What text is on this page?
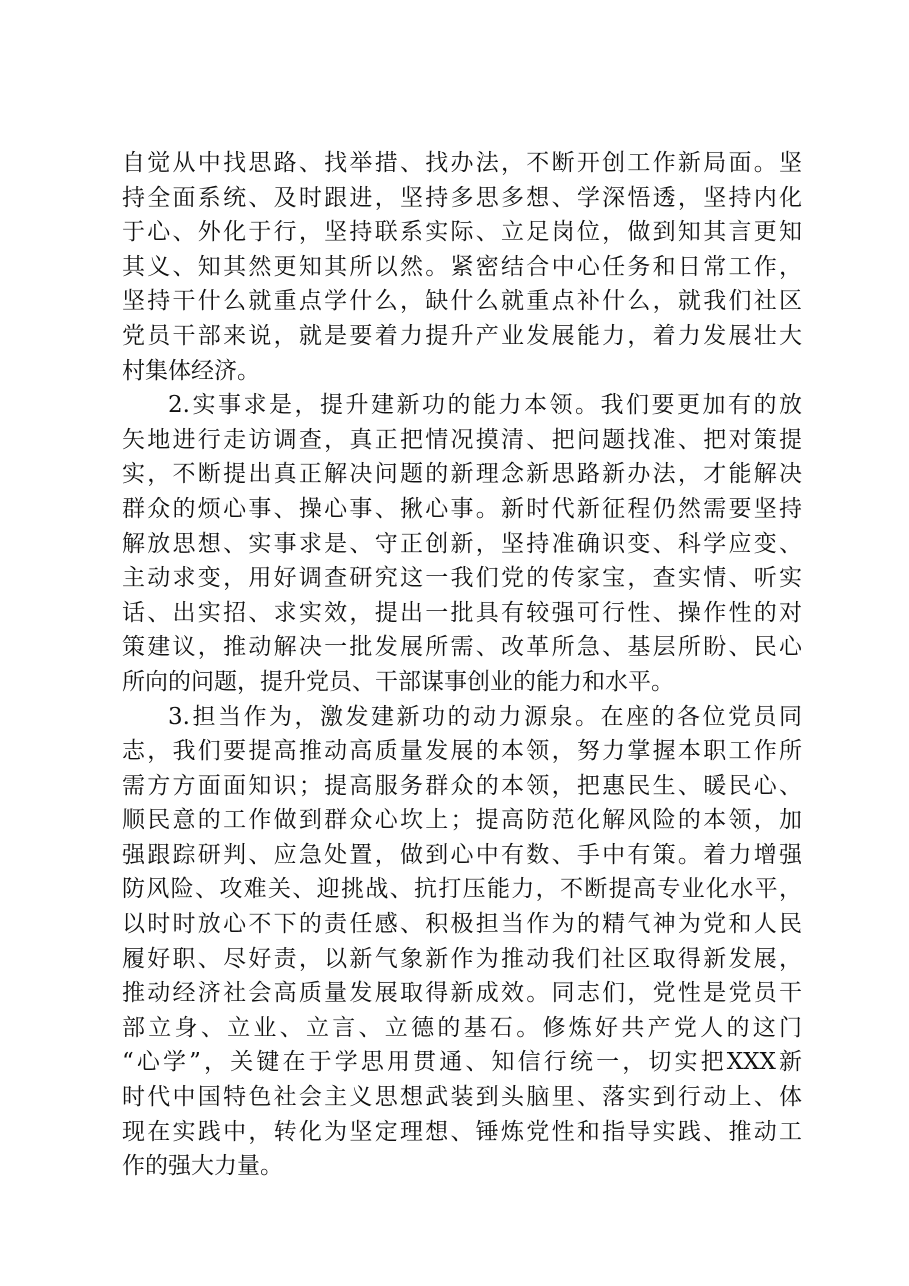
自觉从中找思路、找举措、找办法，不断开创工作新局面。坚
持全面系统、及时跟进，坚持多思多想、学深悟透，坚持内化
于心、外化于行，坚持联系实际、立足岗位，做到知其言更知
其义、知其然更知其所以然。紧密结合中心任务和日常工作，
坚持干什么就重点学什么，缺什么就重点补什么，就我们社区
党员干部来说，就是要着力提升产业发展能力，着力发展壮大
村集体经济。
2.实事求是，提升建新功的能力本领。我们要更加有的放
矢地进行走访调查，真正把情况摸清、把问题找准、把对策提
实，不断提出真正解决问题的新理念新思路新办法，才能解决
群众的烦心事、操心事、揪心事。新时代新征程仍然需要坚持
解放思想、实事求是、守正创新，坚持准确识变、科学应变、
主动求变，用好调查研究这一我们党的传家宝，查实情、听实
话、出实招、求实效，提出一批具有较强可行性、操作性的对
策建议，推动解决一批发展所需、改革所急、基层所盼、民心
所向的问题，提升党员、干部谋事创业的能力和水平。
3.担当作为，激发建新功的动力源泉。在座的各位党员同
志，我们要提高推动高质量发展的本领，努力掌握本职工作所
需方方面面知识；提高服务群众的本领，把惠民生、暖民心、
顺民意的工作做到群众心坎上；提高防范化解风险的本领，加
强跟踪研判、应急处置，做到心中有数、手中有策。着力增强
防风险、攻难关、迎挑战、抗打压能力，不断提高专业化水平，
以时时放心不下的责任感、积极担当作为的精气神为党和人民
履好职、尽好责，以新气象新作为推动我们社区取得新发展，
推动经济社会高质量发展取得新成效。同志们，党性是党员干
部立身、立业、立言、立德的基石。修炼好共产党人的这门
“心学”，关键在于学思用贯通、知信行统一，切实把XXX新
时代中国特色社会主义思想武装到头脑里、落实到行动上、体
现在实践中，转化为坚定理想、锤炼党性和指导实践、推动工
作的强大力量。
